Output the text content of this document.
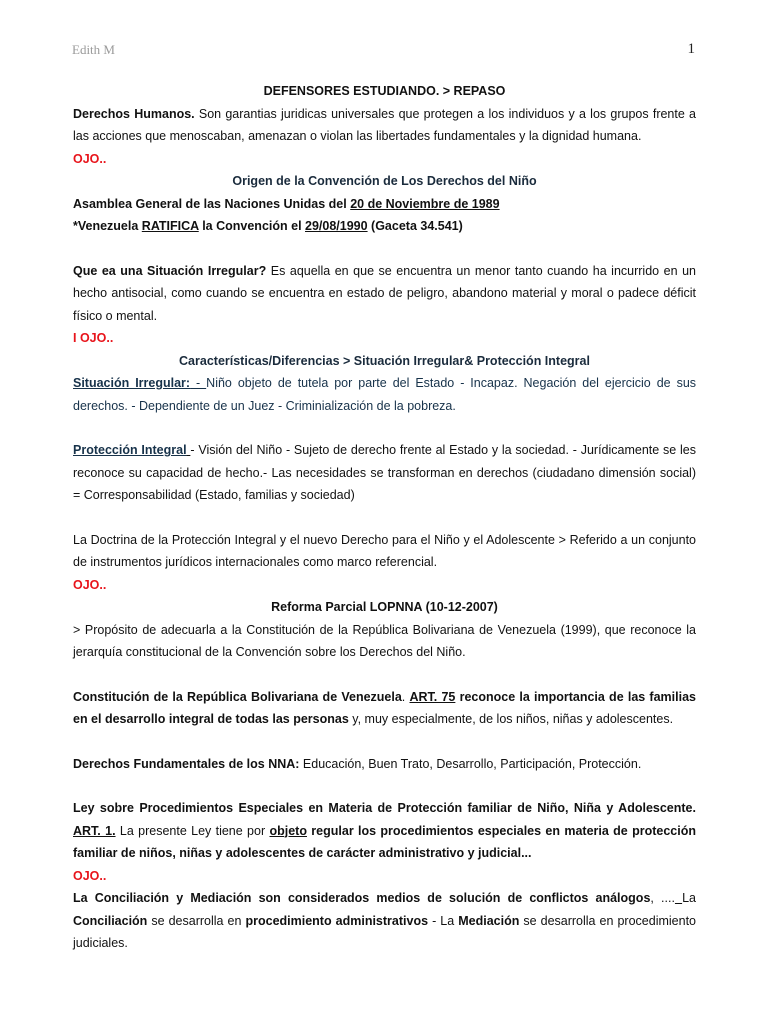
Edith M	1

DEFENSORES ESTUDIANDO. > REPASO

Derechos Humanos. Son garantias juridicas universales que protegen a los individuos y a los grupos frente a las acciones que menoscaban, amenazan o violan las libertades fundamentales y la dignidad humana.

OJO..

Origen de la Convención de Los Derechos del Niño

Asamblea General de las Naciones Unidas del 20 de Noviembre de 1989

*Venezuela RATIFICA la Convención el 29/08/1990 (Gaceta 34.541)

Que ea una Situación Irregular? Es aquella en que se encuentra un menor tanto cuando ha incurrido en un hecho antisocial, como cuando se encuentra en estado de peligro, abandono material y moral o padece déficit físico o mental.

I OJO..

Características/Diferencias > Situación Irregular& Protección Integral

Situación Irregular: - Niño objeto de tutela por parte del Estado - Incapaz. Negación del ejercicio de sus derechos. - Dependiente de un Juez - Criminialización de la pobreza.

Protección Integral - Visión del Niño - Sujeto de derecho frente al Estado y la sociedad. - Jurídicamente se les reconoce su capacidad de hecho.- Las necesidades se transforman en derechos (ciudadano dimensión social) = Corresponsabilidad (Estado, familias y sociedad)

La Doctrina de la Protección Integral y el nuevo Derecho para el Niño y el Adolescente > Referido a un conjunto de instrumentos jurídicos internacionales como marco referencial.

OJO..

Reforma Parcial LOPNNA (10-12-2007)

> Propósito de adecuarla a la Constitución de la República Bolivariana de Venezuela (1999), que reconoce la jerarquía constitucional de la Convención sobre los Derechos del Niño.

Constitución de la República Bolivariana de Venezuela. ART. 75 reconoce la importancia de las familias en el desarrollo integral de todas las personas y, muy especialmente, de los niños, niñas y adolescentes.

Derechos Fundamentales de los NNA: Educación, Buen Trato, Desarrollo, Participación, Protección.

Ley sobre Procedimientos Especiales en Materia de Protección familiar de Niño, Niña y Adolescente. ART. 1. La presente Ley tiene por objeto regular los procedimientos especiales en materia de protección familiar de niños, niñas y adolescentes de carácter administrativo y judicial...

OJO..

La Conciliación y Mediación son considerados medios de solución de conflictos análogos, .... La Conciliación se desarrolla en procedimiento administrativos - La Mediación se desarrolla en procedimiento judiciales.
